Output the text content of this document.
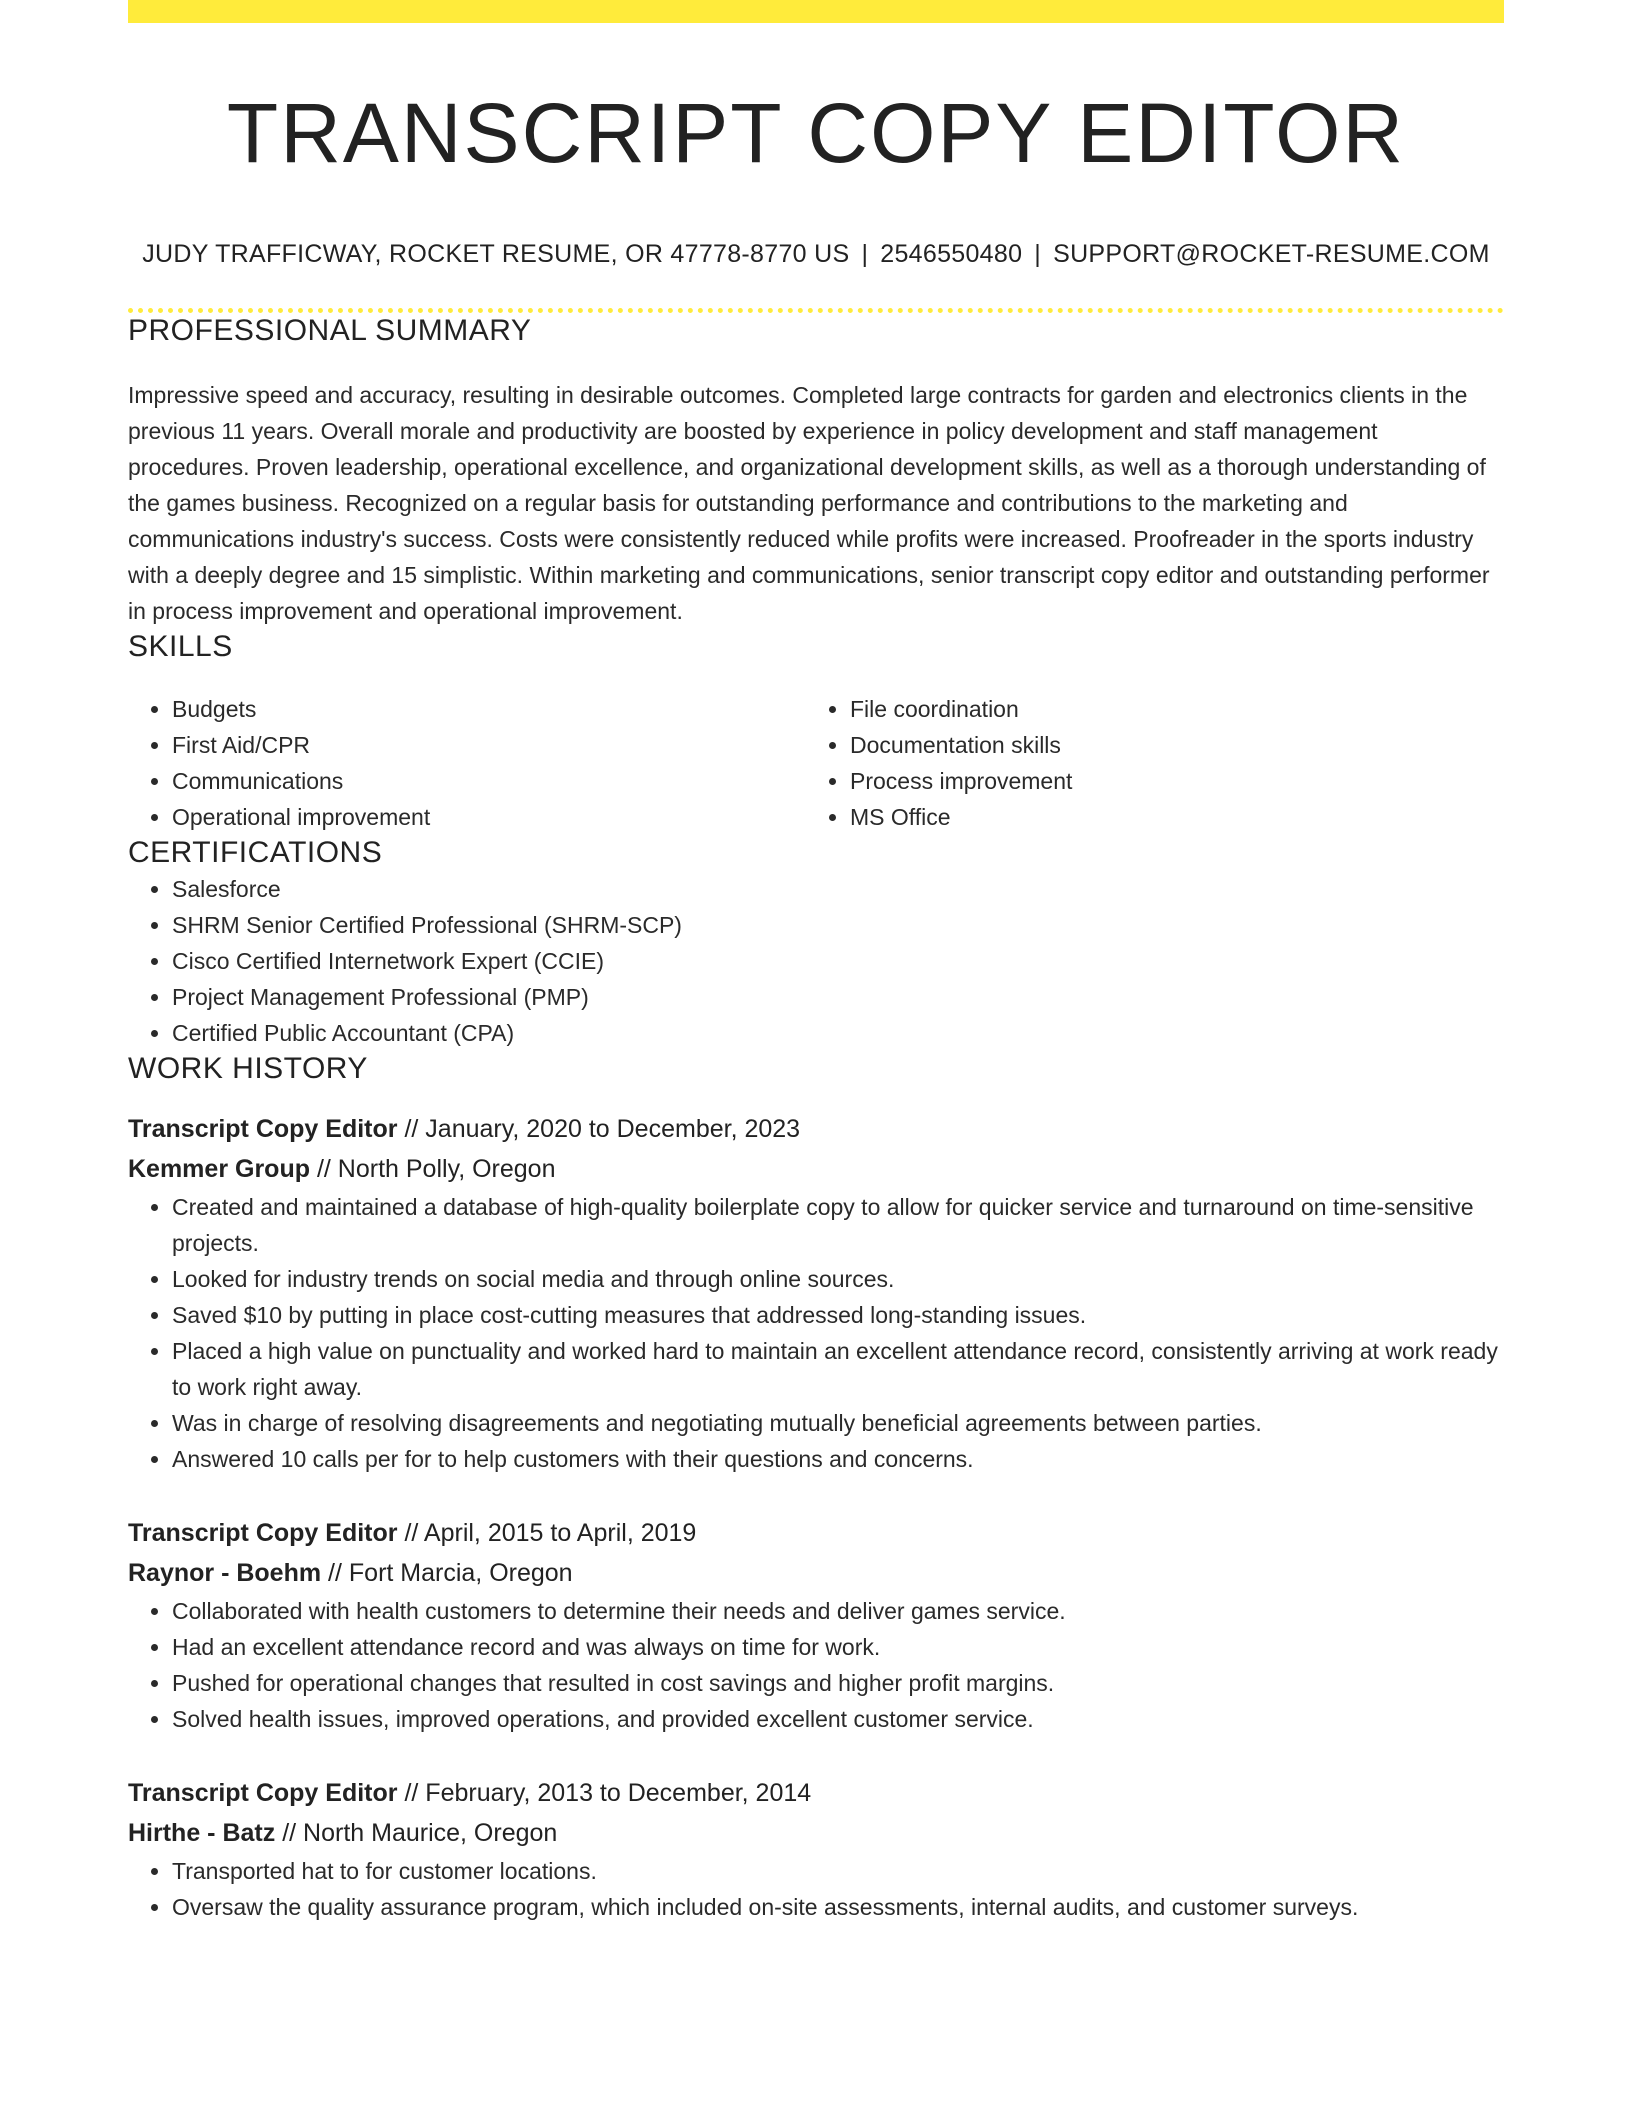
TRANSCRIPT COPY EDITOR
JUDY TRAFFICWAY, ROCKET RESUME, OR 47778-8770 US | 2546550480 | SUPPORT@ROCKET-RESUME.COM
PROFESSIONAL SUMMARY

Impressive speed and accuracy, resulting in desirable outcomes. Completed large contracts for garden and electronics clients in the previous 11 years. Overall morale and productivity are boosted by experience in policy development and staff management procedures. Proven leadership, operational excellence, and organizational development skills, as well as a thorough understanding of the games business. Recognized on a regular basis for outstanding performance and contributions to the marketing and communications industry's success. Costs were consistently reduced while profits were increased. Proofreader in the sports industry with a deeply degree and 15 simplistic. Within marketing and communications, senior transcript copy editor and outstanding performer in process improvement and operational improvement.

SKILLS
• Budgets
• First Aid/CPR
• Communications
• Operational improvement
• File coordination
• Documentation skills
• Process improvement
• MS Office
CERTIFICATIONS
• Salesforce
• SHRM Senior Certified Professional (SHRM-SCP)
• Cisco Certified Internetwork Expert (CCIE)
• Project Management Professional (PMP)
• Certified Public Accountant (CPA)
WORK HISTORY
Transcript Copy Editor // January, 2020 to December, 2023
Kemmer Group // North Polly, Oregon
• Created and maintained a database of high-quality boilerplate copy to allow for quicker service and turnaround on time-sensitive projects.
• Looked for industry trends on social media and through online sources.
• Saved $10 by putting in place cost-cutting measures that addressed long-standing issues.
• Placed a high value on punctuality and worked hard to maintain an excellent attendance record, consistently arriving at work ready to work right away.
• Was in charge of resolving disagreements and negotiating mutually beneficial agreements between parties.
• Answered 10 calls per for to help customers with their questions and concerns.
Transcript Copy Editor // April, 2015 to April, 2019
Raynor - Boehm // Fort Marcia, Oregon
• Collaborated with health customers to determine their needs and deliver games service.
• Had an excellent attendance record and was always on time for work.
• Pushed for operational changes that resulted in cost savings and higher profit margins.
• Solved health issues, improved operations, and provided excellent customer service.
Transcript Copy Editor // February, 2013 to December, 2014
Hirthe - Batz // North Maurice, Oregon
• Transported hat to for customer locations.
• Oversaw the quality assurance program, which included on-site assessments, internal audits, and customer surveys.
